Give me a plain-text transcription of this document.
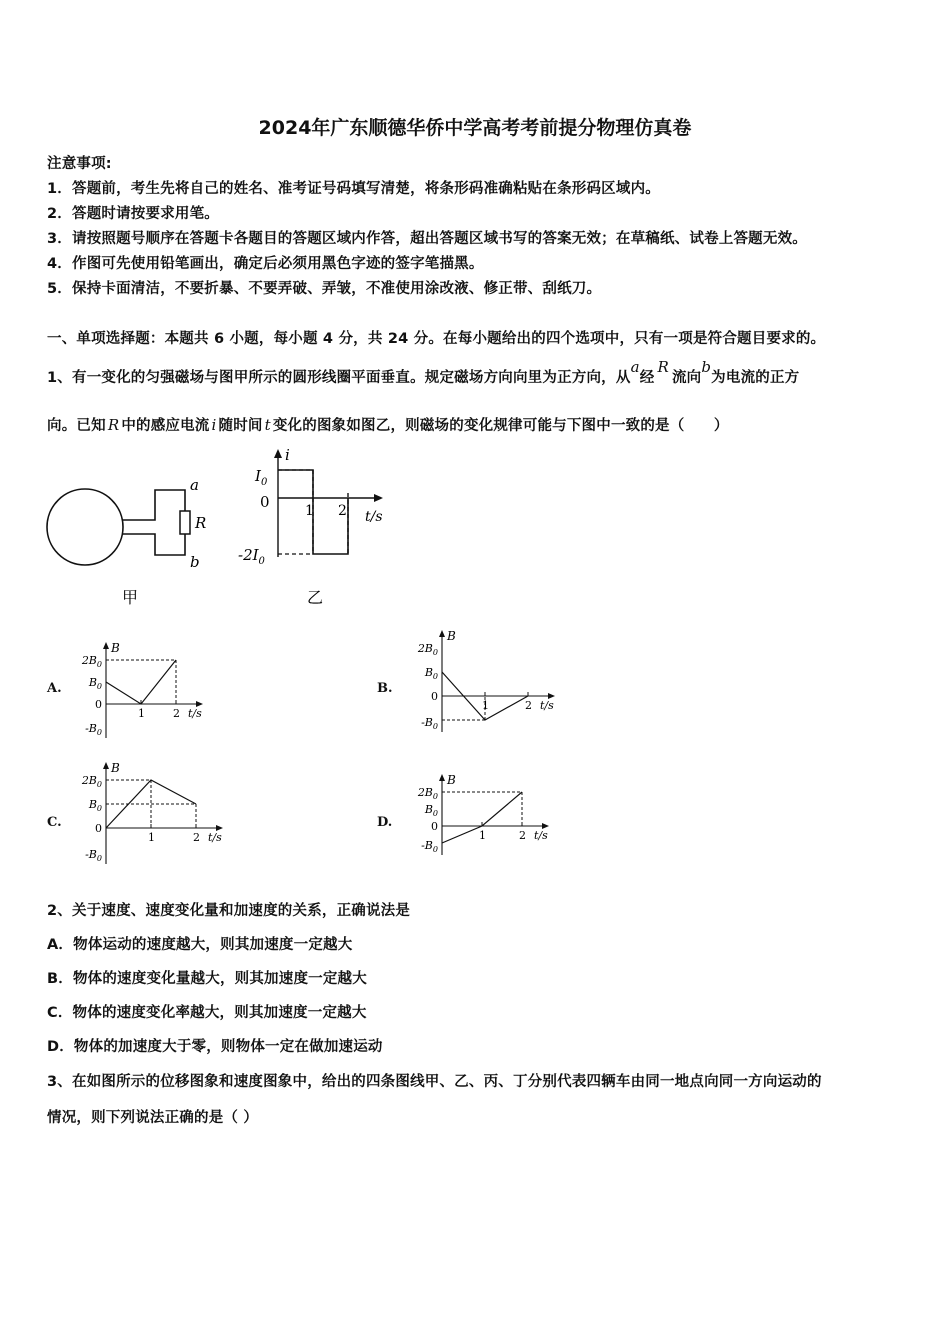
2024年广东顺德华侨中学高考考前提分物理仿真卷
注意事项:
1．答题前，考生先将自己的姓名、准考证号码填写清楚，将条形码准确粘贴在条形码区域内。
2．答题时请按要求用笔。
3．请按照题号顺序在答题卡各题目的答题区域内作答，超出答题区域书写的答案无效；在草稿纸、试卷上答题无效。
4．作图可先使用铅笔画出，确定后必须用黑色字迹的签字笔描黑。
5．保持卡面清洁，不要折暴、不要弄破、弄皱，不准使用涂改液、修正带、刮纸刀。
一、单项选择题：本题共 6 小题，每小题 4 分，共 24 分。在每小题给出的四个选项中，只有一项是符合题目要求的。
1、有一变化的匀强磁场与图甲所示的圆形线圈平面垂直。规定磁场方向向里为正方向，从a经R流向b为电流的正方
向。已知 R 中的感应电流 i 随时间 t 变化的图象如图乙，则磁场的变化规律可能与下图中一致的是（　　）
a
R
b
甲
i
$I_0$
0
$-2I_0$
1 2 t/s
乙
A.	B.
C.	D.
$2B_0$
$B_0$
0
$-B_0$
B
1	2 t/s
$2B_0$
$B_0$
0
$-B_0$
B
1	2 t/s
$2B_0$
$B_0$
0
$-B_0$
B
1	2 t/s
$2B_0$
$B_0$
0
$-B_0$
B
1	2 t/s
2、关于速度、速度变化量和加速度的关系，正确说法是
A．物体运动的速度越大，则其加速度一定越大
B．物体的速度变化量越大，则其加速度一定越大
C．物体的速度变化率越大，则其加速度一定越大
D．物体的加速度大于零，则物体一定在做加速运动
3、在如图所示的位移图象和速度图象中，给出的四条图线甲、乙、丙、丁分别代表四辆车由同一地点向同一方向运动的
情况，则下列说法正确的是（ ）
